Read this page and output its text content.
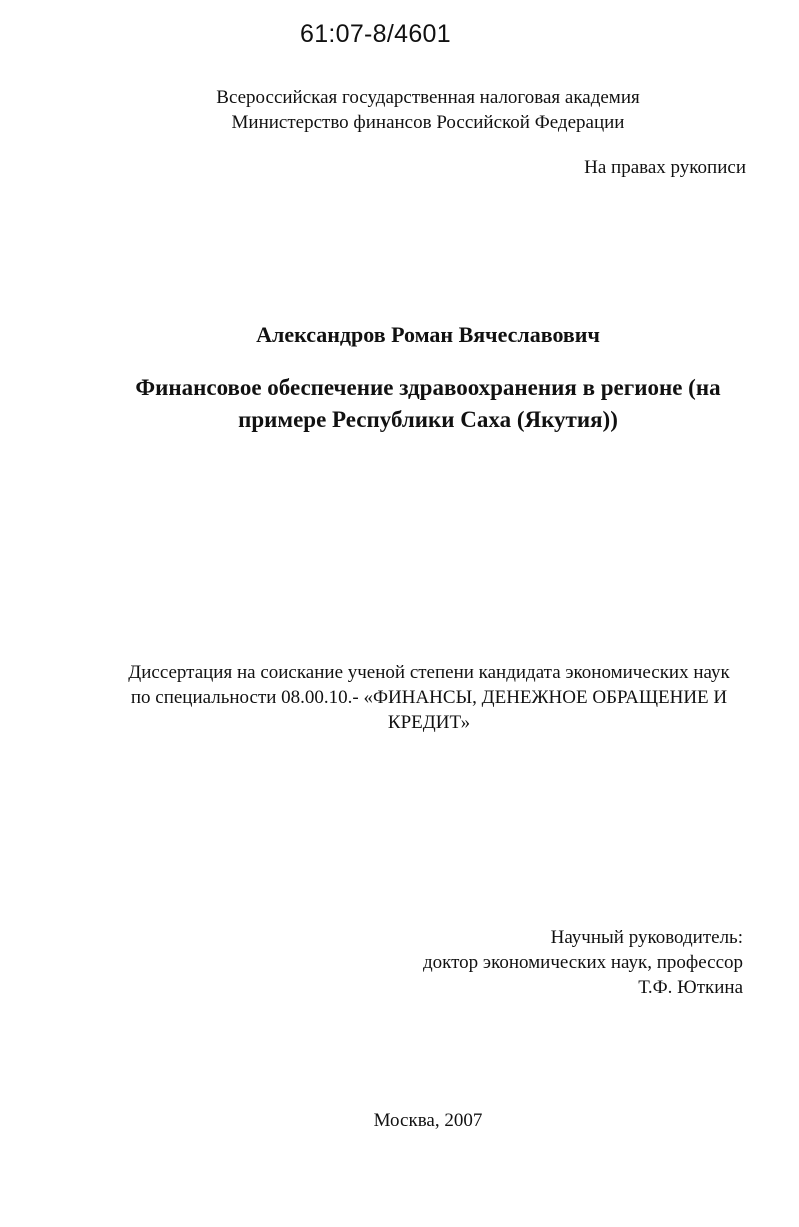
61:07-8/4601
Всероссийская государственная налоговая академия
Министерство финансов Российской Федерации
На правах рукописи
Александров Роман Вячеславович
Финансовое обеспечение здравоохранения в регионе (на
примере Республики Саха (Якутия))
Диссертация на соискание ученой степени кандидата экономических наук
по специальности 08.00.10.- «ФИНАНСЫ, ДЕНЕЖНОЕ ОБРАЩЕНИЕ И
КРЕДИТ»
Научный руководитель:
доктор экономических наук, профессор
Т.Ф. Юткина
Москва, 2007
